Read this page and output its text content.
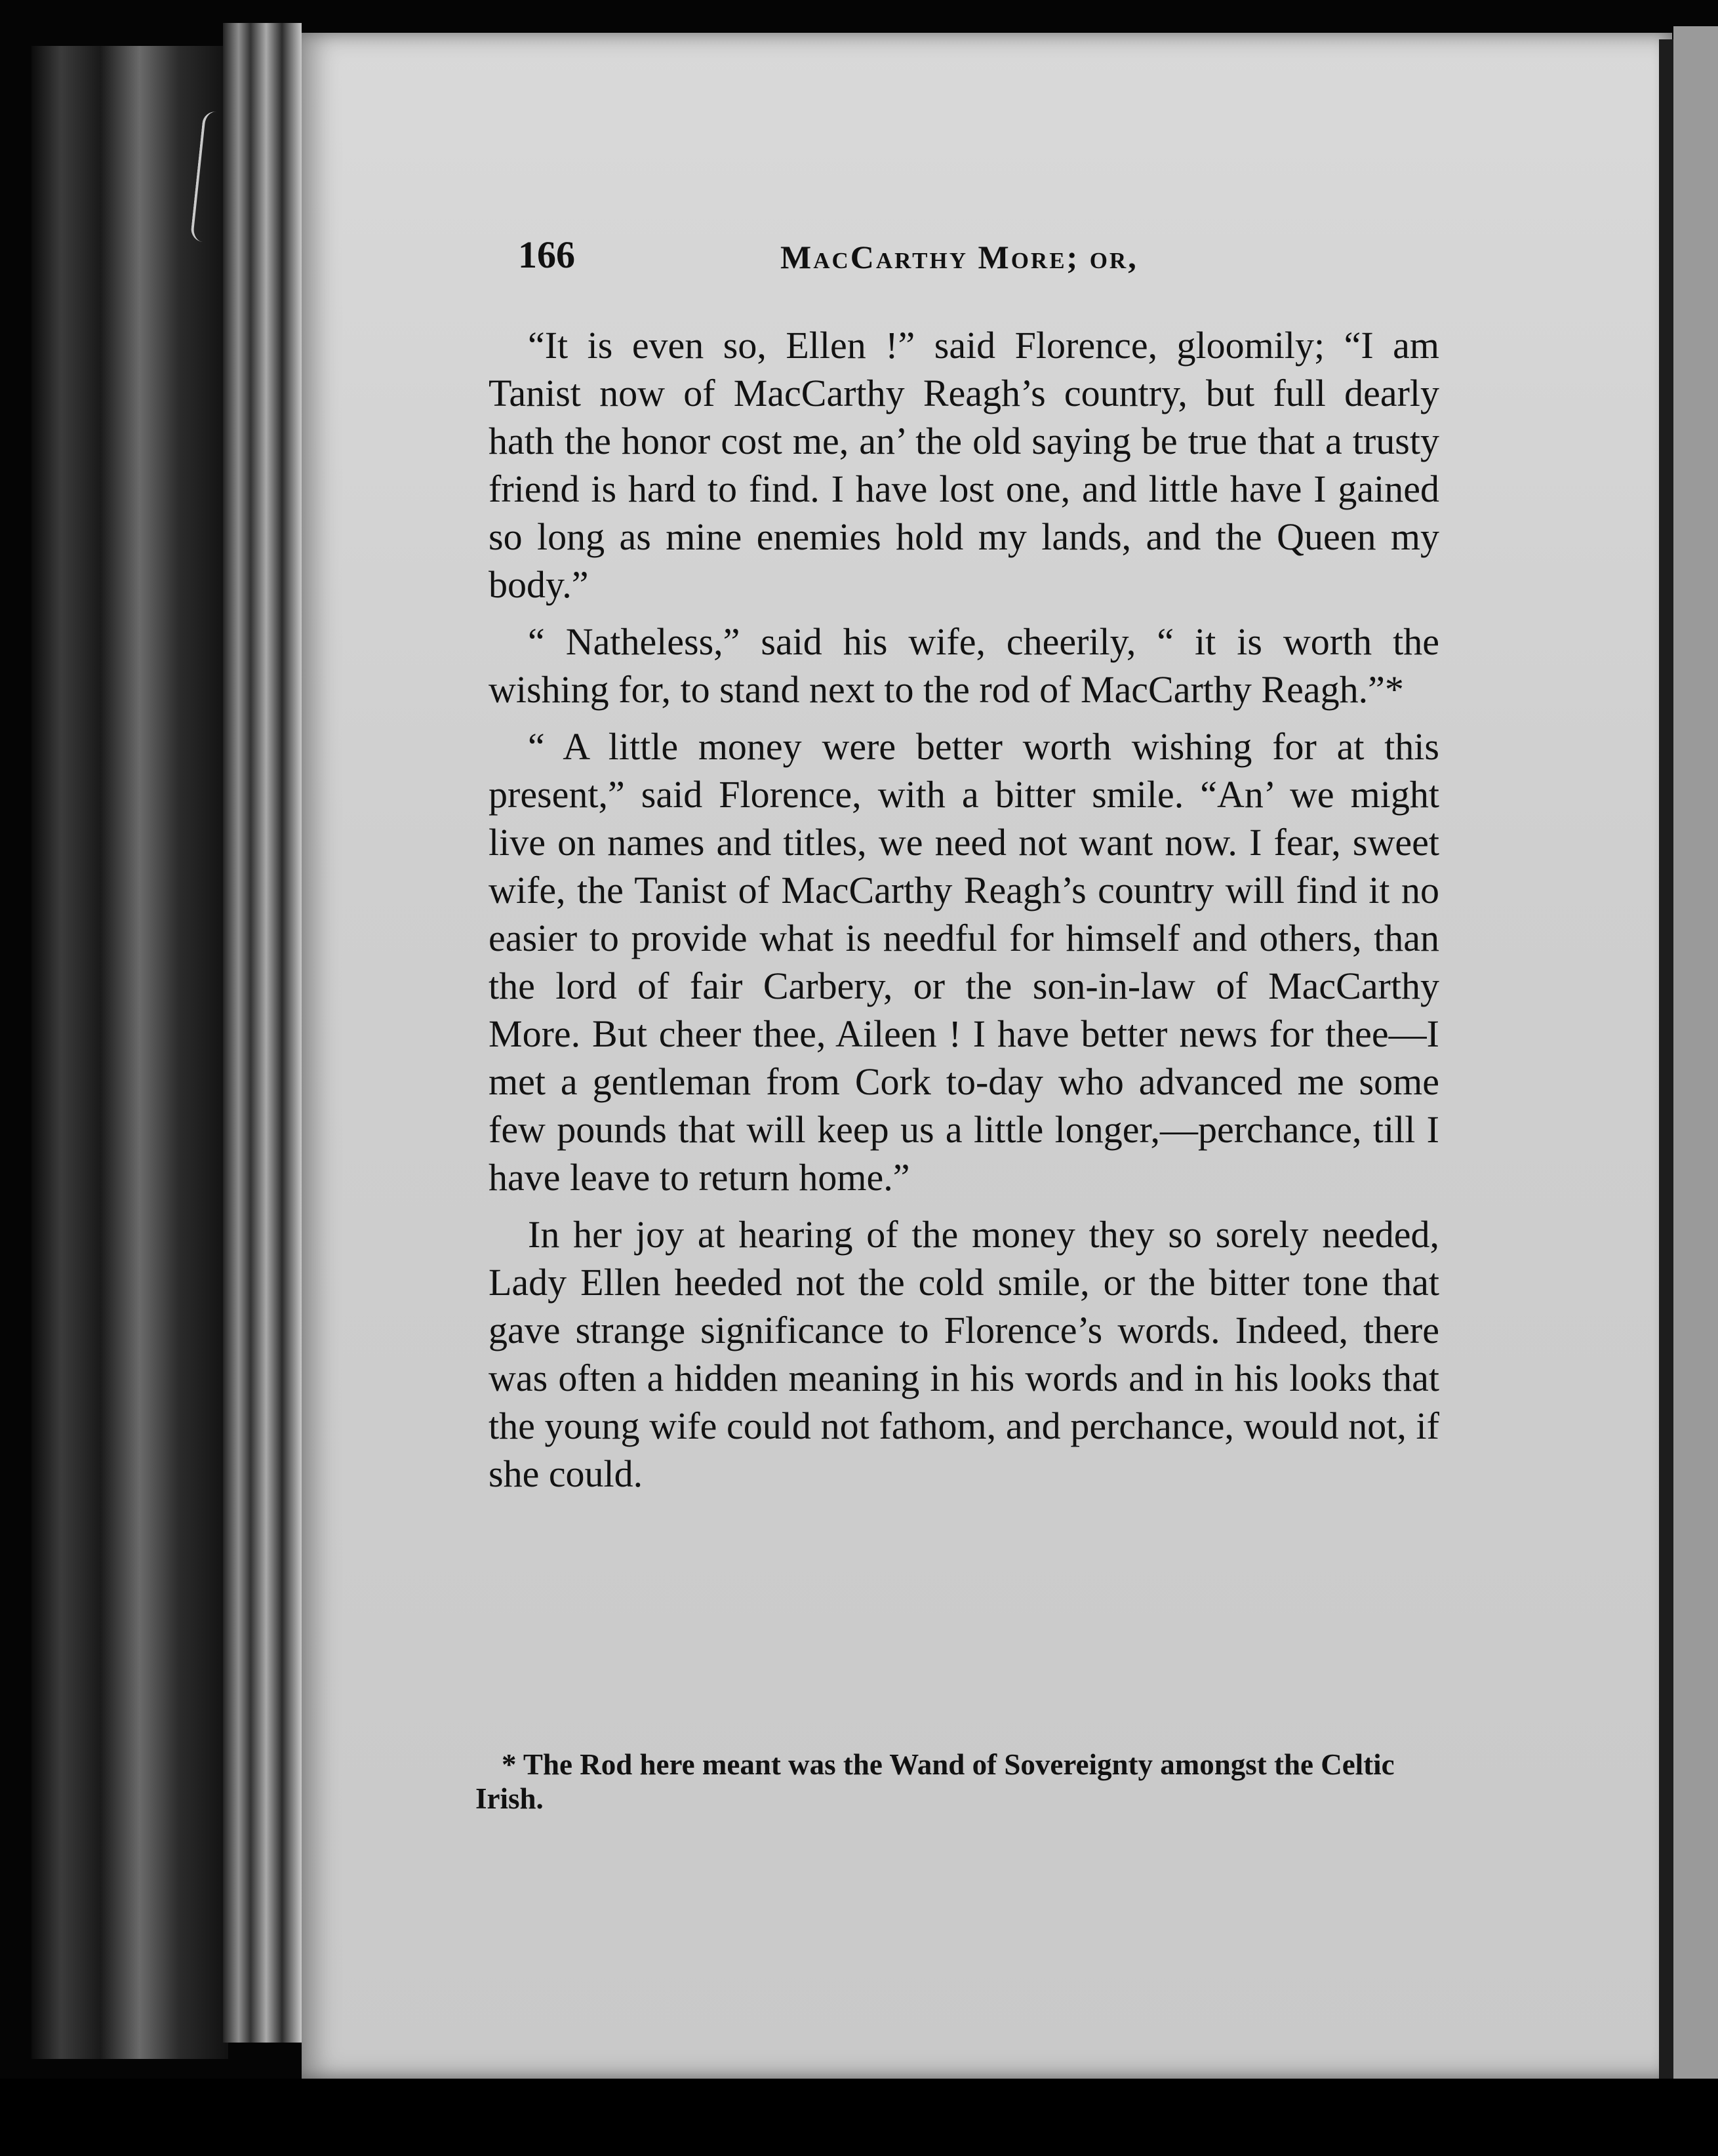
166	MacCarthy More; or,

“It is even so, Ellen !” said Florence, gloomily; “I am Tanist now of MacCarthy Reagh’s country, but full dearly hath the honor cost me, an’ the old saying be true that a trusty friend is hard to find. I have lost one, and little have I gained so long as mine enemies hold my lands, and the Queen my body.”

“ Natheless,” said his wife, cheerily, “ it is worth the wishing for, to stand next to the rod of MacCarthy Reagh.”*

“ A little money were better worth wishing for at this present,” said Florence, with a bitter smile. “An’ we might live on names and titles, we need not want now. I fear, sweet wife, the Tanist of MacCarthy Reagh’s country will find it no easier to provide what is needful for himself and others, than the lord of fair Carbery, or the son-in-law of MacCarthy More. But cheer thee, Aileen ! I have better news for thee—I met a gentleman from Cork to-day who advanced me some few pounds that will keep us a little longer,—perchance, till I have leave to return home.”

In her joy at hearing of the money they so sorely needed, Lady Ellen heeded not the cold smile, or the bitter tone that gave strange significance to Florence’s words. Indeed, there was often a hidden meaning in his words and in his looks that the young wife could not fathom, and perchance, would not, if she could.

* The Rod here meant was the Wand of Sovereignty amongst the Celtic Irish.
